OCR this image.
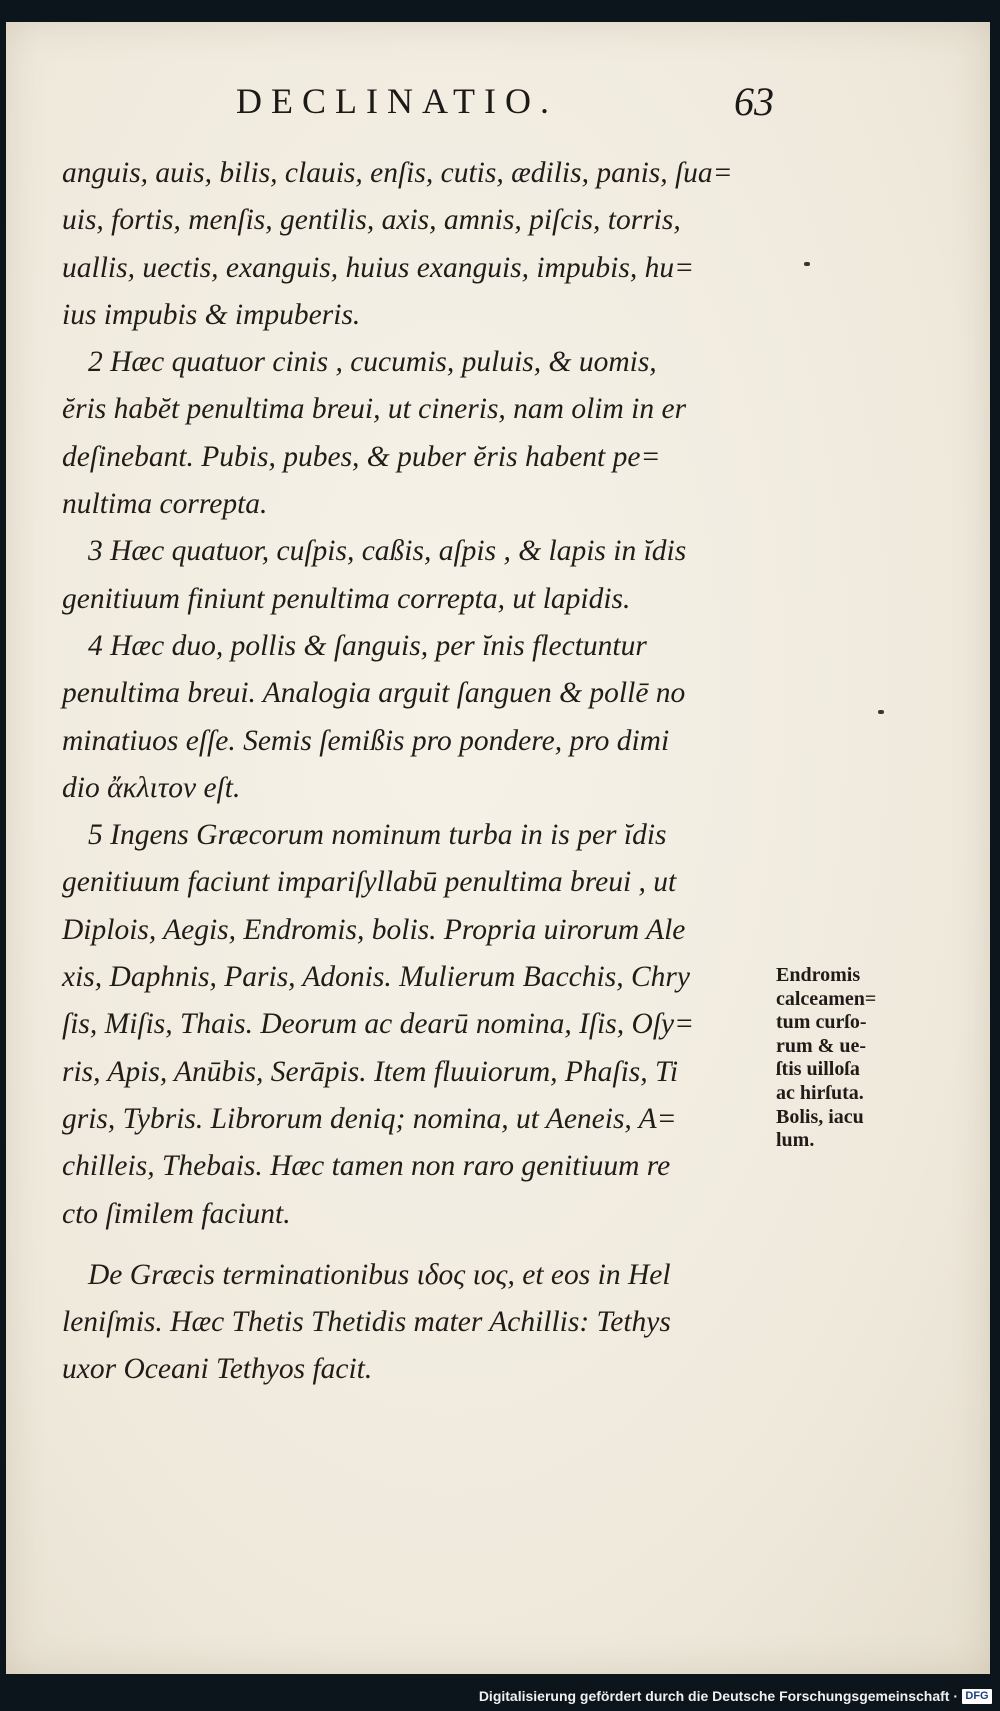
DECLINATIO.	63
anguis, auis, bilis, clauis, enſis, cutis, ædilis, panis, ſua=
uis, fortis, menſis, gentilis, axis, amnis, piſcis, torris,
uallis, uectis, exanguis, huius exanguis, impubis, hu=
ius impubis & impuberis.
2 Hæc quatuor cinis , cucumis, puluis, & uomis,
ĕris habĕt penultima breui, ut cineris, nam olim in er
deſinebant. Pubis, pubes, & puber ĕris habent pe=
nultima correpta.
3 Hæc quatuor, cuſpis, caßis, aſpis , & lapis in ĭdis
genitiuum finiunt penultima correpta, ut lapidis.
4 Hæc duo, pollis & ſanguis, per ĭnis flectuntur
penultima breui. Analogia arguit ſanguen & pollē no
minatiuos eſſe. Semis ſemißis pro pondere, pro dimi
dio ἄκλιτον eſt.
5 Ingens Græcorum nominum turba in is per ĭdis
genitiuum faciunt impariſyllabū penultima breui , ut
Diplois, Aegis, Endromis, bolis. Propria uirorum Ale
xis, Daphnis, Paris, Adonis. Mulierum Bacchis, Chry
ſis, Miſis, Thais. Deorum ac dearū nomina, Iſis, Oſy=
ris, Apis, Anūbis, Serāpis. Item fluuiorum, Phaſis, Ti
gris, Tybris. Librorum deniq; nomina, ut Aeneis, A=
chilleis, Thebais. Hæc tamen non raro genitiuum re
cto ſimilem faciunt.
De Græcis terminationibus ιδος ιος, et eos in Hel
leniſmis. Hæc Thetis Thetidis mater Achillis: Tethys
uxor Oceani Tethyos facit.
Endromis
calceamen=
tum curſo-
rum & ue-
ſtis uilloſa
ac hirſuta.
Bolis, iacu
lum.
Digitalisierung gefördert durch die Deutsche Forschungsgemeinschaft · DFG
